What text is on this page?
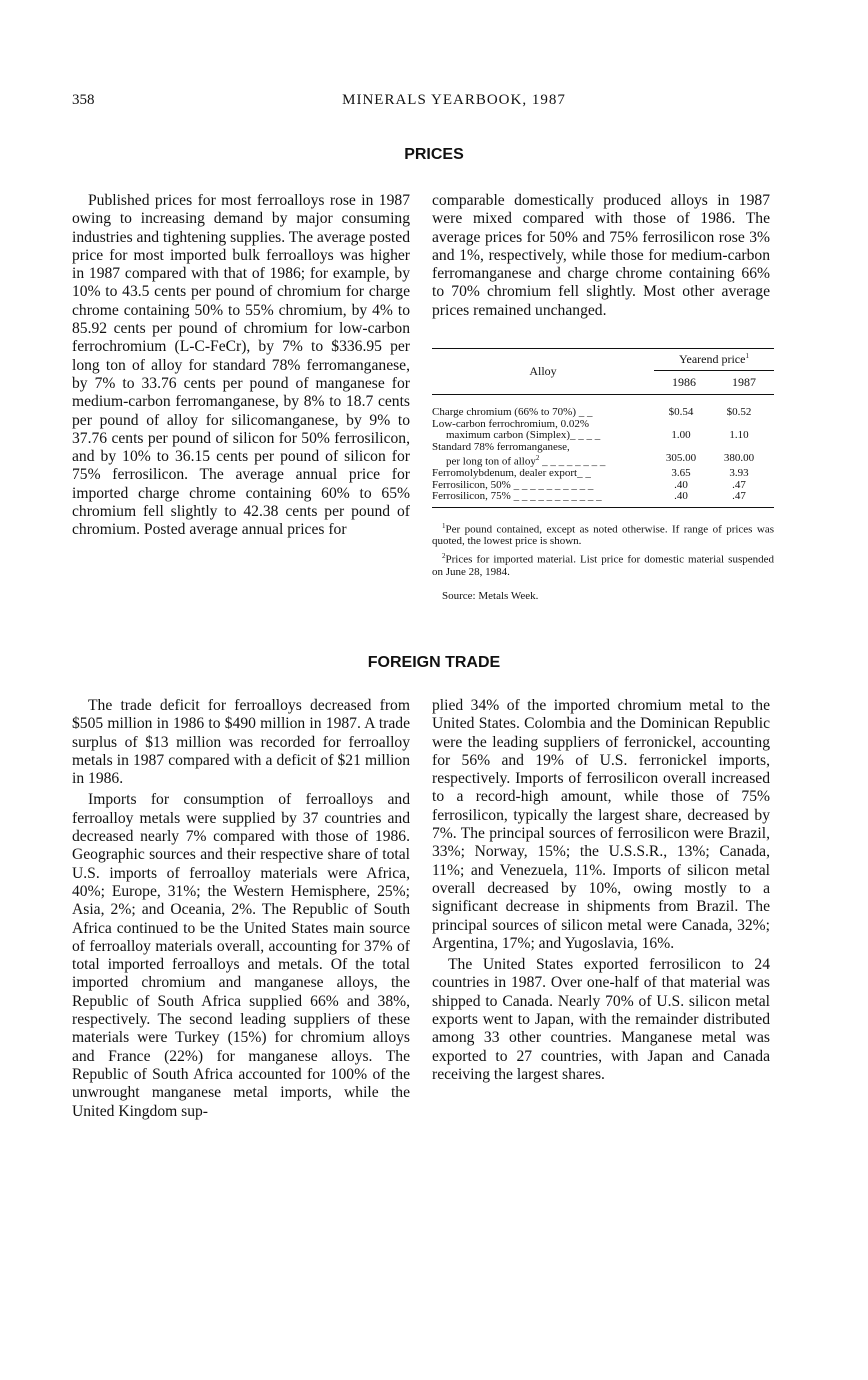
358	MINERALS YEARBOOK, 1987
PRICES

Published prices for most ferroalloys rose in 1987 owing to increasing demand by major consuming industries and tightening supplies. The average posted price for most imported bulk ferroalloys was higher in 1987 compared with that of 1986; for example, by 10% to 43.5 cents per pound of chromium for charge chrome containing 50% to 55% chromium, by 4% to 85.92 cents per pound of chromium for low-carbon ferrochromium (L-C-FeCr), by 7% to $336.95 per long ton of alloy for standard 78% ferromanganese, by 7% to 33.76 cents per pound of manganese for medium-carbon ferromanganese, by 8% to 18.7 cents per pound of alloy for silicomanganese, by 9% to 37.76 cents per pound of silicon for 50% ferrosilicon, and by 10% to 36.15 cents per pound of silicon for 75% ferrosilicon. The average annual price for imported charge chrome containing 60% to 65% chromium fell slightly to 42.38 cents per pound of chromium. Posted average annual prices for

comparable domestically produced alloys in 1987 were mixed compared with those of 1986. The average prices for 50% and 75% ferrosilicon rose 3% and 1%, respectively, while those for medium-carbon ferromanganese and charge chrome containing 66% to 70% chromium fell slightly. Most other average prices remained unchanged.

Alloy	Yearend price$^1$
	1986	1987
Charge chromium (66% to 70%) _ _	$0.54	$0.52
Low-carbon ferrochromium, 0.02%
maximum carbon (Simplex)_ _ _ _	1.00	1.10
Standard 78% ferromanganese,
per long ton of alloy$^2$ _ _ _ _ _ _ _ _	305.00	380.00
Ferromolybdenum, dealer export_ _	3.65	3.93
Ferrosilicon, 50% _ _ _ _ _ _ _ _ _ _	.40	.47
Ferrosilicon, 75% _ _ _ _ _ _ _ _ _ _ _	.40	.47

$^1$Per pound contained, except as noted otherwise. If range of prices was quoted, the lowest price is shown.

$^2$Prices for imported material. List price for domestic material suspended on June 28, 1984.

Source: Metals Week.

FOREIGN TRADE

The trade deficit for ferroalloys decreased from $505 million in 1986 to $490 million in 1987. A trade surplus of $13 million was recorded for ferroalloy metals in 1987 compared with a deficit of $21 million in 1986.

Imports for consumption of ferroalloys and ferroalloy metals were supplied by 37 countries and decreased nearly 7% compared with those of 1986. Geographic sources and their respective share of total U.S. imports of ferroalloy materials were Africa, 40%; Europe, 31%; the Western Hemisphere, 25%; Asia, 2%; and Oceania, 2%. The Republic of South Africa continued to be the United States main source of ferroalloy materials overall, accounting for 37% of total imported ferroalloys and metals. Of the total imported chromium and manganese alloys, the Republic of South Africa supplied 66% and 38%, respectively. The second leading suppliers of these materials were Turkey (15%) for chromium alloys and France (22%) for manganese alloys. The Republic of South Africa accounted for 100% of the unwrought manganese metal imports, while the United Kingdom sup-

plied 34% of the imported chromium metal to the United States. Colombia and the Dominican Republic were the leading suppliers of ferronickel, accounting for 56% and 19% of U.S. ferronickel imports, respectively. Imports of ferrosilicon overall increased to a record-high amount, while those of 75% ferrosilicon, typically the largest share, decreased by 7%. The principal sources of ferrosilicon were Brazil, 33%; Norway, 15%; the U.S.S.R., 13%; Canada, 11%; and Venezuela, 11%. Imports of silicon metal overall decreased by 10%, owing mostly to a significant decrease in shipments from Brazil. The principal sources of silicon metal were Canada, 32%; Argentina, 17%; and Yugoslavia, 16%.

The United States exported ferrosilicon to 24 countries in 1987. Over one-half of that material was shipped to Canada. Nearly 70% of U.S. silicon metal exports went to Japan, with the remainder distributed among 33 other countries. Manganese metal was exported to 27 countries, with Japan and Canada receiving the largest shares.
